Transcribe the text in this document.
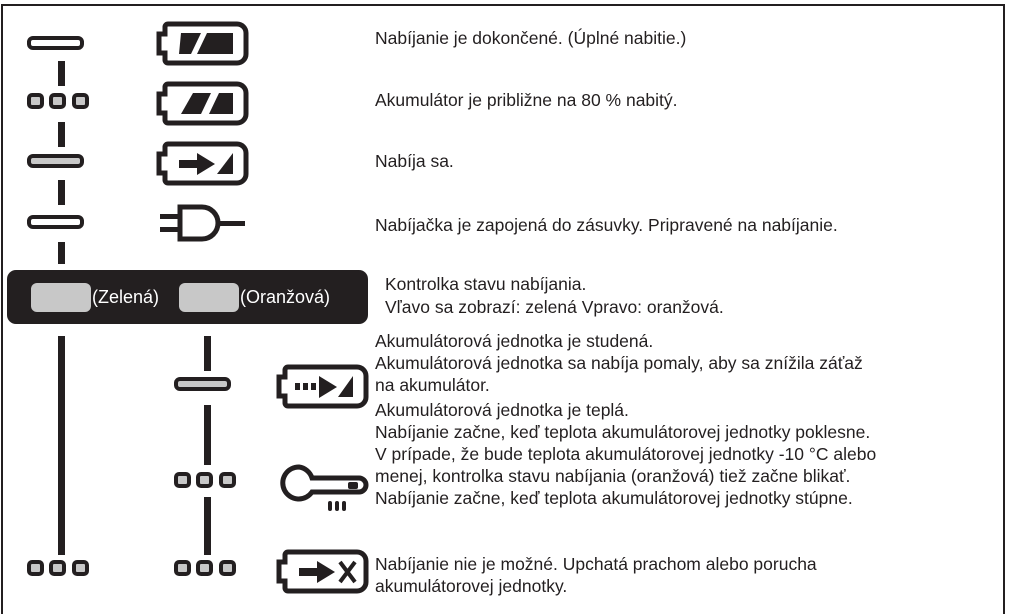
Nabíjanie je dokončené. (Úplné nabitie.)
Akumulátor je približne na 80 % nabitý.
Nabíja sa.
Nabíjačka je zapojená do zásuvky. Pripravené na nabíjanie.
(Zelená)	(Oranžová)
Kontrolka stavu nabíjania.
Vľavo sa zobrazí: zelená Vpravo: oranžová.
Akumulátorová jednotka je studená.
Akumulátorová jednotka sa nabíja pomaly, aby sa znížila záťaž
na akumulátor.
Akumulátorová jednotka je teplá.
Nabíjanie začne, keď teplota akumulátorovej jednotky poklesne.
V prípade, že bude teplota akumulátorovej jednotky -10 °C alebo
menej, kontrolka stavu nabíjania (oranžová) tiež začne blikať.
Nabíjanie začne, keď teplota akumulátorovej jednotky stúpne.
Nabíjanie nie je možné. Upchatá prachom alebo porucha
akumulátorovej jednotky.
